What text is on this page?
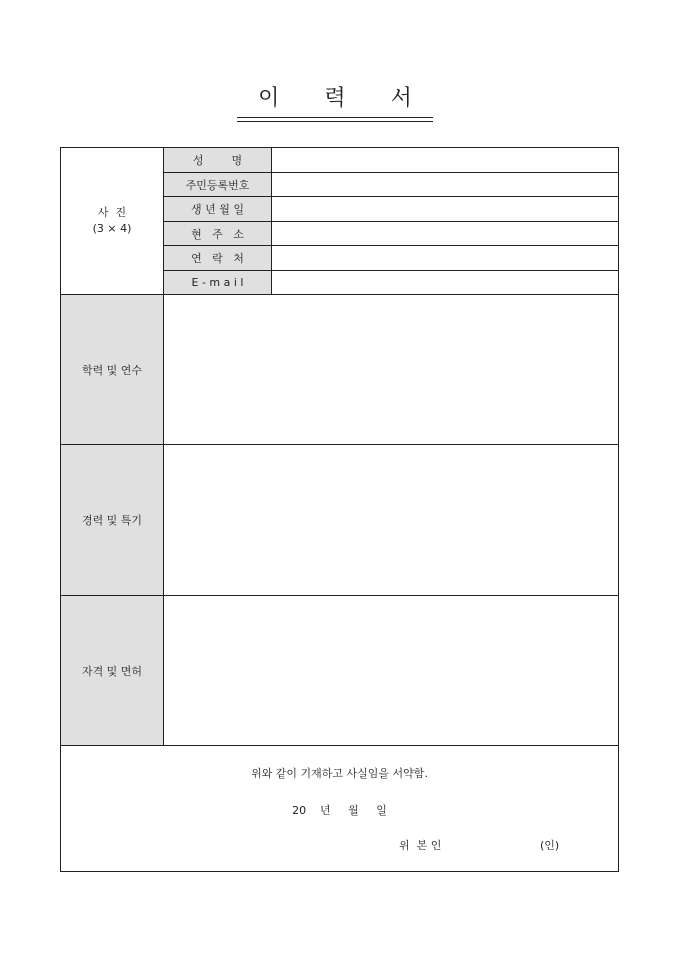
이 력 서
사  진
(3 × 4)
성        명
주민등록번호
생 년 월 일
현   주   소
연   락   처
E - m a i l
학력 및 연수
경력 및 특기
자격 및 면허
위와 같이 기재하고 사실임을 서약함.
20    년     월     일
위  본 인	(인)
